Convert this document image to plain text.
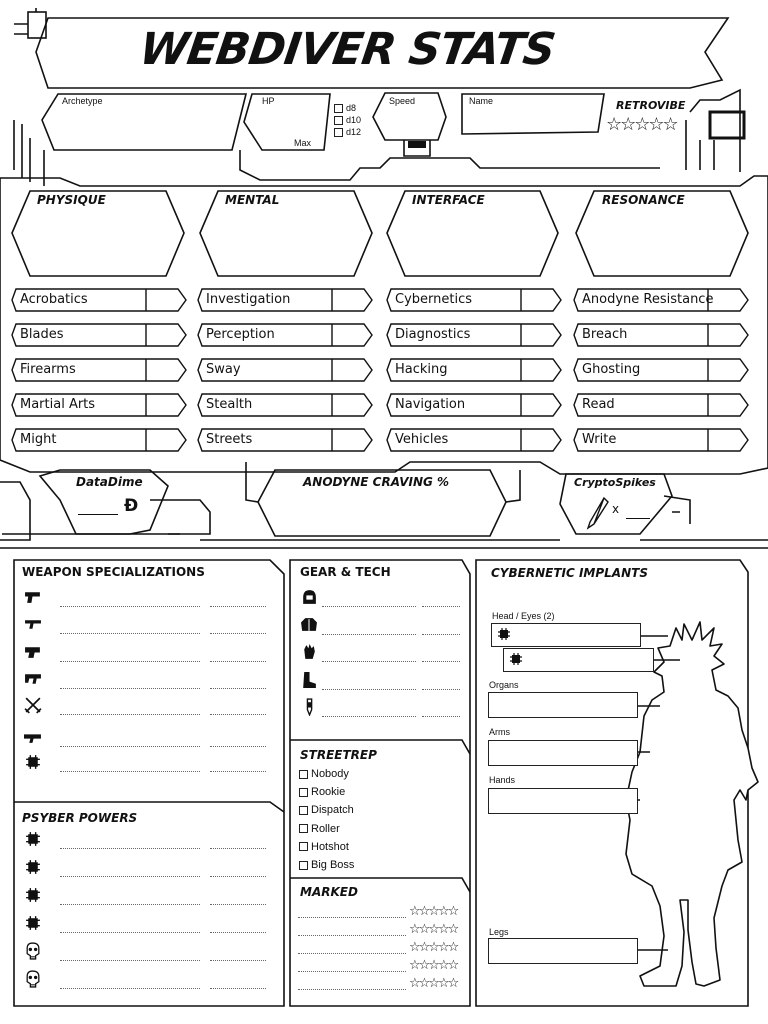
WEBDIVER STATS
Archetype	HP
Max
d8
d10
d12
Speed	Name	RETROVIBE
☆☆☆☆☆
PHYSIQUE	MENTAL	INTERFACE	RESONANCE
Acrobatics
Blades
Firearms
Martial Arts
Might
Investigation
Perception
Sway
Stealth
Streets
Cybernetics
Diagnostics
Hacking
Navigation
Vehicles
Anodyne Resistance
Breach
Ghosting
Read
Write
DataDime
Ð
ANODYNE CRAVING %	CryptoSpikes
x
WEAPON SPECIALIZATIONS
PSYBER POWERS
GEAR & TECH
STREETREP
Nobody
Rookie
Dispatch
Roller
Hotshot
Big Boss
MARKED
☆☆☆☆☆
☆☆☆☆☆
☆☆☆☆☆
☆☆☆☆☆
☆☆☆☆☆
CYBERNETIC IMPLANTS
Head / Eyes (2)
Organs
Arms
Hands
Legs
